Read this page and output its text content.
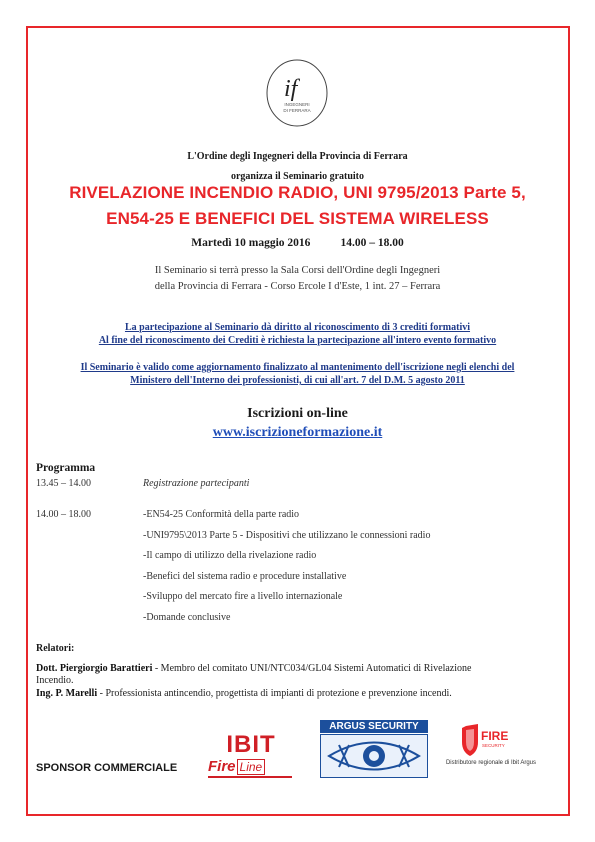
if
INGEGNERI
DI FERRARA
L'Ordine degli Ingegneri della Provincia di Ferrara
organizza il Seminario gratuito
RIVELAZIONE INCENDIO RADIO, UNI 9795/2013 Parte 5,
EN54-25 E BENEFICI DEL SISTEMA WIRELESS
Martedì 10 maggio 2016	14.00 – 18.00
Il Seminario si terrà presso la Sala Corsi dell'Ordine degli Ingegneri
della Provincia di Ferrara - Corso Ercole I d'Este, 1 int. 27 – Ferrara
La partecipazione al Seminario dà diritto al riconoscimento di 3 crediti formativi
Al fine del riconoscimento dei Crediti è richiesta la partecipazione all'intero evento formativo
Il Seminario è valido come aggiornamento finalizzato al mantenimento dell'iscrizione negli elenchi del
Ministero dell'Interno dei professionisti, di cui all'art. 7 del D.M. 5 agosto 2011
Iscrizioni on-line
www.iscrizioneformazione.it
Programma
13.45 – 14.00	Registrazione partecipanti
14.00 – 18.00	-EN54-25 Conformità della parte radio
-UNI9795\2013 Parte 5 - Dispositivi che utilizzano le connessioni radio
-Il campo di utilizzo della rivelazione radio
-Benefici del sistema radio e procedure installative
-Sviluppo del mercato fire a livello internazionale
-Domande conclusive
Relatori:
Dott. Piergiorgio Barattieri - Membro del comitato UNI/NTC034/GL04 Sistemi Automatici di Rivelazione
Incendio.
Ing. P. Marelli - Professionista antincendio, progettista di impianti di protezione e prevenzione incendi.
SPONSOR COMMERCIALE
IBIT
Fire Line
ARGUS SECURITY
FIRE
SECURITY
Distributore regionale di Ibit Argus
